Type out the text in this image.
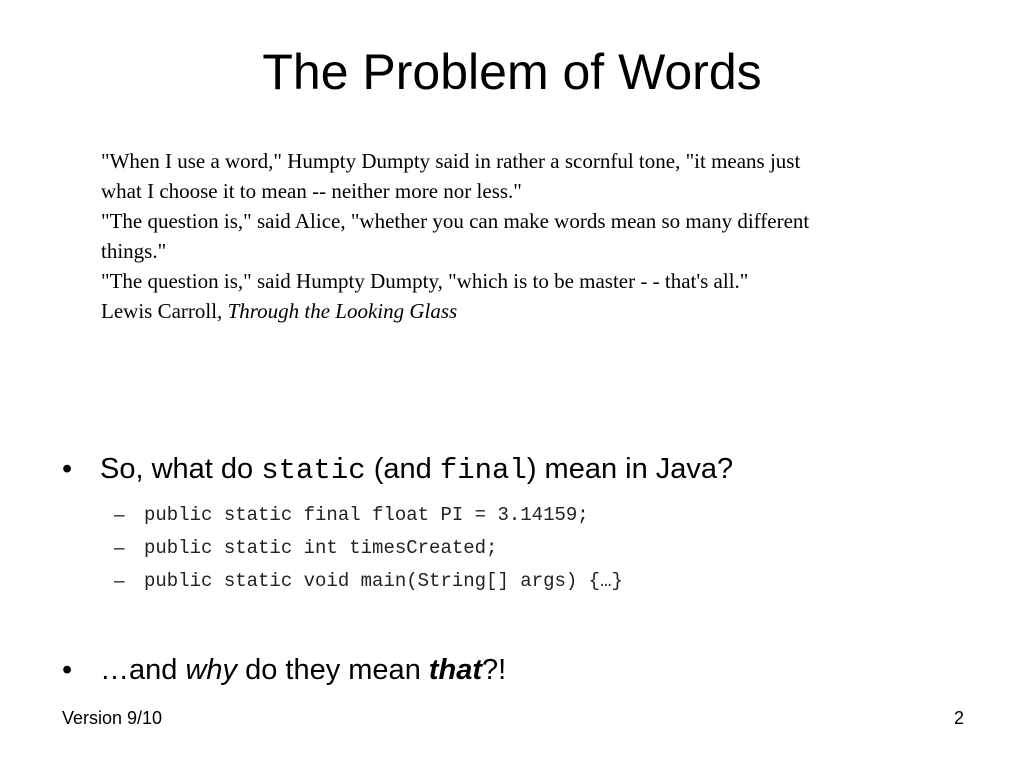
The Problem of Words
"When I use a word," Humpty Dumpty said in rather a scornful tone, "it means just
what I choose it to mean -- neither more nor less."
"The question is," said Alice, "whether you can make words mean so many different
things."
"The question is," said Humpty Dumpty, "which is to be master - - that's all."
Lewis Carroll, Through the Looking Glass
• So, what do static (and final) mean in Java?
– public static final float PI = 3.14159;
– public static int timesCreated;
– public static void main(String[] args) {…}
• …and why do they mean that?!
Version 9/10	2
